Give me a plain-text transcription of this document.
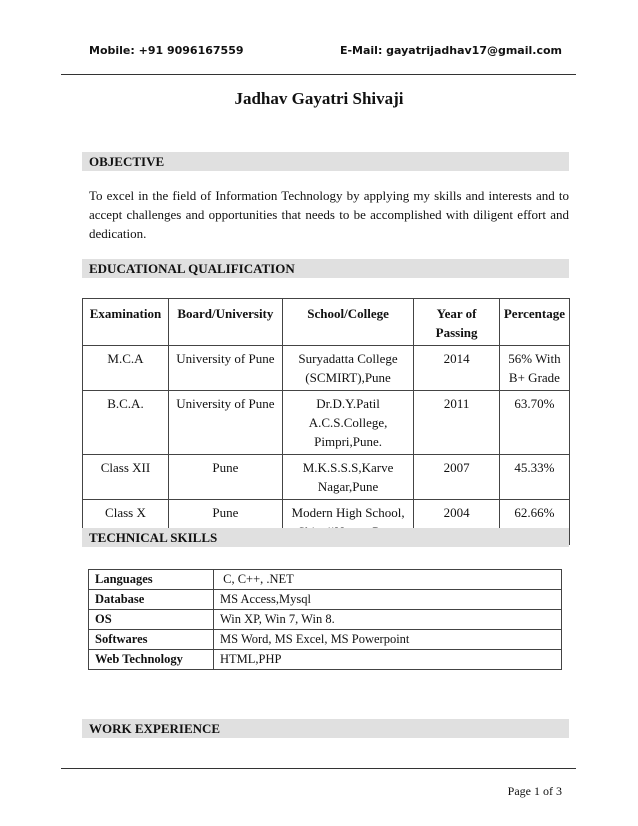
Mobile: +91 9096167559	E-Mail: gayatrijadhav17@gmail.com
Jadhav Gayatri Shivaji
OBJECTIVE
To excel in the field of Information Technology by applying my skills and interests and to accept challenges and opportunities that needs to be accomplished with diligent effort and dedication.
EDUCATIONAL QUALIFICATION
Examination	Board/University	School/College	Year of Passing	Percentage
M.C.A	University of Pune	Suryadatta College (SCMIRT),Pune	2014	56% With B+ Grade
B.C.A.	University of Pune	Dr.D.Y.Patil A.C.S.College, Pimpri,Pune.	2011	63.70%
Class XII	Pune	M.K.S.S.S,Karve Nagar,Pune	2007	45.33%
Class X	Pune	Modern High School,	2004	62.66%
TECHNICAL SKILLS
Languages	C, C++, .NET
Database	MS Access,Mysql
OS	Win XP, Win 7, Win 8.
Softwares	MS Word, MS Excel, MS Powerpoint
Web Technology	HTML,PHP
WORK EXPERIENCE
Page 1 of 3
